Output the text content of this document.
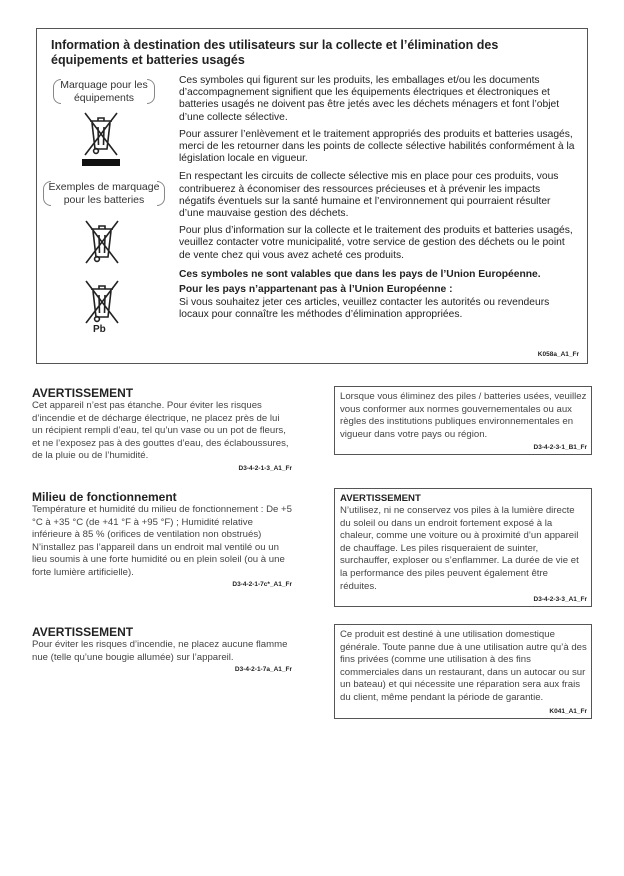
Information à destination des utilisateurs sur la collecte et l’élimination des équipements et batteries usagés
Marquage pour les équipements
Exemples de marquage pour les batteries
Pb

Ces symboles qui figurent sur les produits, les emballages et/ou les documents d’accompagnement signifient que les équipements électriques et électroniques et batteries usagés ne doivent pas être jetés avec les déchets ménagers et font l’objet d’une collecte sélective.

Pour assurer l’enlèvement et le traitement appropriés des produits et batteries usagés, merci de les retourner dans les points de collecte sélective habilités conformément à la législation locale en vigueur.

En respectant les circuits de collecte sélective mis en place pour ces produits, vous contribuerez à économiser des ressources précieuses et à prévenir les impacts négatifs éventuels sur la santé humaine et l’environnement qui pourraient résulter d’une mauvaise gestion des déchets.

Pour plus d’information sur la collecte et le traitement des produits et batteries usagés, veuillez contacter votre municipalité, votre service de gestion des déchets ou le point de vente chez qui vous avez acheté ces produits.

Ces symboles ne sont valables que dans les pays de l’Union Européenne.

Pour les pays n’appartenant pas à l’Union Européenne :

Si vous souhaitez jeter ces articles, veuillez contacter les autorités ou revendeurs locaux pour connaître les méthodes d’élimination appropriées.

K058a_A1_Fr
AVERTISSEMENT

Cet appareil n’est pas étanche. Pour éviter les risques d’incendie et de décharge électrique, ne placez près de lui un récipient rempli d’eau, tel qu’un vase ou un pot de fleurs, et ne l’exposez pas à des gouttes d’eau, des éclaboussures, de la pluie ou de l’humidité.

D3-4-2-1-3_A1_Fr
Milieu de fonctionnement

Température et humidité du milieu de fonctionnement : De +5 °C à +35 °C (de +41 °F à +95 °F) ; Humidité relative inférieure à 85 % (orifices de ventilation non obstrués)

N’installez pas l’appareil dans un endroit mal ventilé ou un lieu soumis à une forte humidité ou en plein soleil (ou à une forte lumière artificielle).

D3-4-2-1-7c*_A1_Fr
AVERTISSEMENT

Pour éviter les risques d’incendie, ne placez aucune flamme nue (telle qu’une bougie allumée) sur l’appareil.

D3-4-2-1-7a_A1_Fr

Lorsque vous éliminez des piles / batteries usées, veuillez vous conformer aux normes gouvernementales ou aux règles des institutions publiques environnementales en vigueur dans votre pays ou région.

D3-4-2-3-1_B1_Fr
AVERTISSEMENT

N’utilisez, ni ne conservez vos piles à la lumière directe du soleil ou dans un endroit fortement exposé à la chaleur, comme une voiture ou à proximité d’un appareil de chauffage. Les piles risqueraient de suinter, surchauffer, exploser ou s’enflammer. La durée de vie et la performance des piles peuvent également être réduites.

D3-4-2-3-3_A1_Fr

Ce produit est destiné à une utilisation domestique générale. Toute panne due à une utilisation autre qu’à des fins privées (comme une utilisation à des fins commerciales dans un restaurant, dans un autocar ou sur un bateau) et qui nécessite une réparation sera aux frais du client, même pendant la période de garantie.

K041_A1_Fr
